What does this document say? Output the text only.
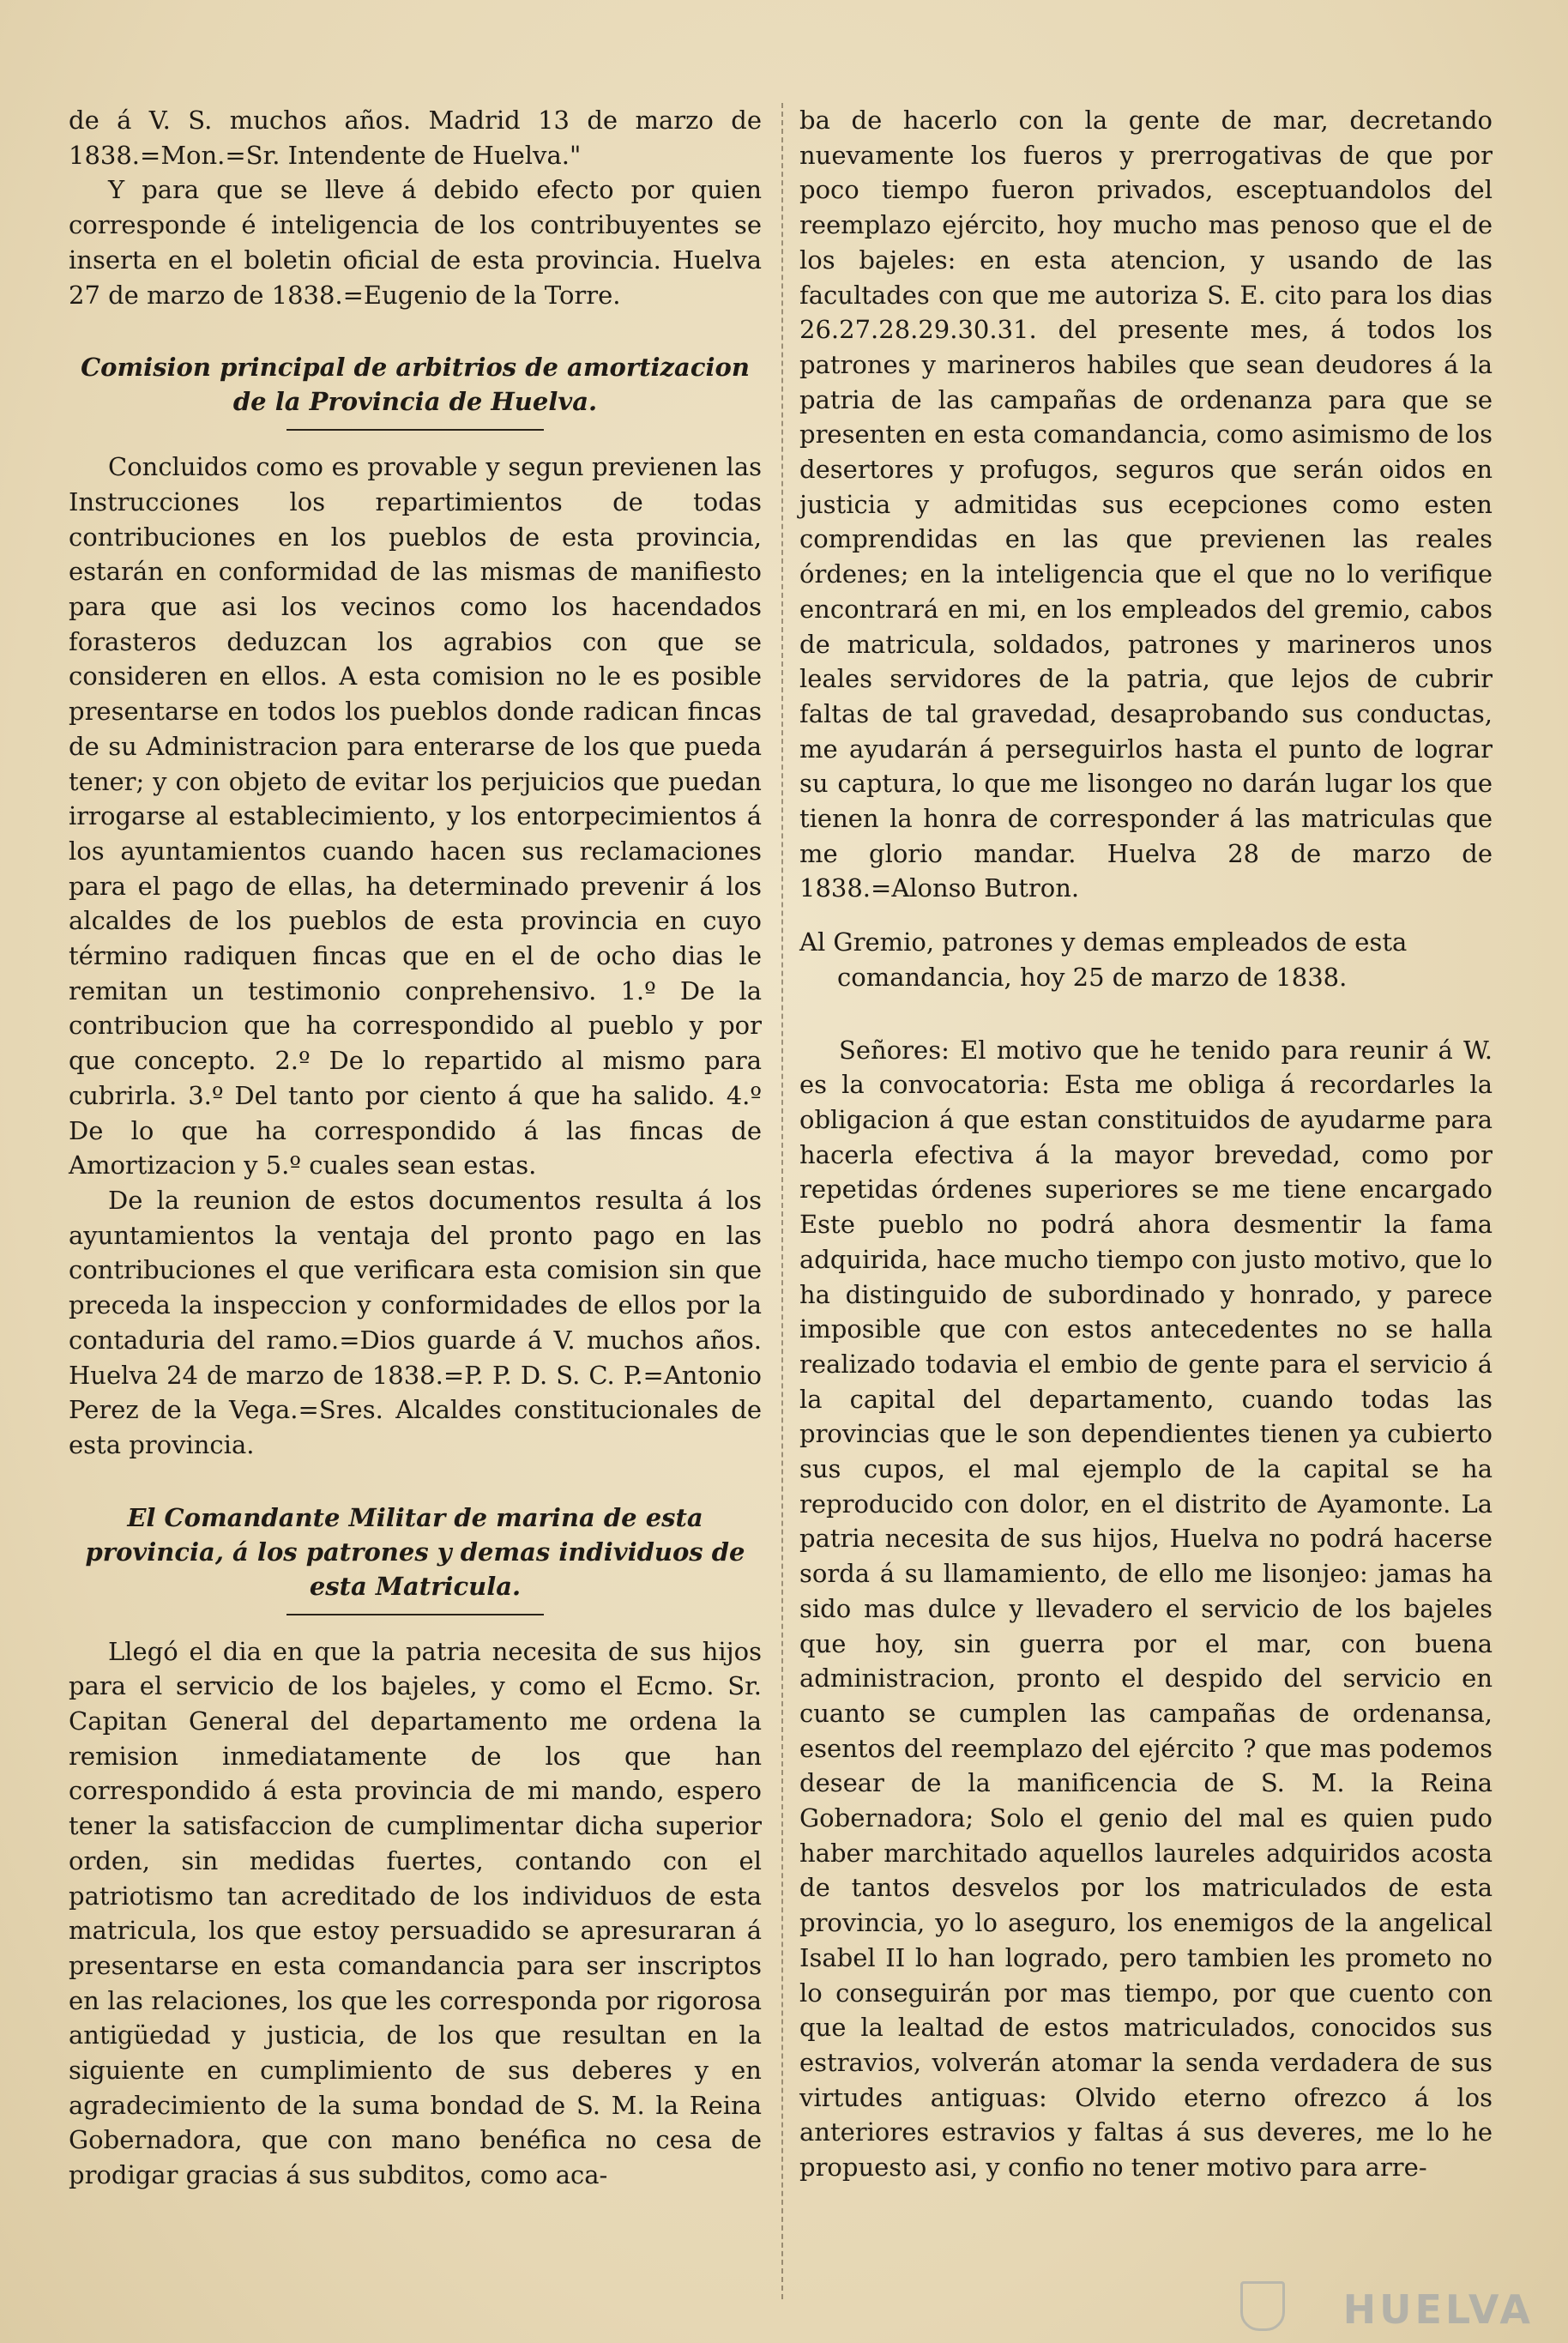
de á V. S. muchos años. Madrid 13 de marzo de 1838.=Mon.=Sr. Intendente de Huelva."

Y para que se lleve á debido efecto por quien corresponde é inteligencia de los contribuyentes se inserta en el boletin oficial de esta provincia. Huelva 27 de marzo de 1838.=Eugenio de la Torre.

Comision principal de arbitrios de amortizacion de la Provincia de Huelva.

Concluidos como es provable y segun previenen las Instrucciones los repartimientos de todas contribuciones en los pueblos de esta provincia, estarán en conformidad de las mismas de manifiesto para que asi los vecinos como los hacendados forasteros deduzcan los agrabios con que se consideren en ellos. A esta comision no le es posible presentarse en todos los pueblos donde radican fincas de su Administracion para enterarse de los que pueda tener; y con objeto de evitar los perjuicios que puedan irrogarse al establecimiento, y los entorpecimientos á los ayuntamientos cuando hacen sus reclamaciones para el pago de ellas, ha determinado prevenir á los alcaldes de los pueblos de esta provincia en cuyo término radiquen fincas que en el de ocho dias le remitan un testimonio conprehensivo. 1.º De la contribucion que ha correspondido al pueblo y por que concepto. 2.º De lo repartido al mismo para cubrirla. 3.º Del tanto por ciento á que ha salido. 4.º De lo que ha correspondido á las fincas de Amortizacion y 5.º cuales sean estas.

De la reunion de estos documentos resulta á los ayuntamientos la ventaja del pronto pago en las contribuciones el que verificara esta comision sin que preceda la inspeccion y conformidades de ellos por la contaduria del ramo.=Dios guarde á V. muchos años. Huelva 24 de marzo de 1838.=P. P. D. S. C. P.=Antonio Perez de la Vega.=Sres. Alcaldes constitucionales de esta provincia.

El Comandante Militar de marina de esta provincia, á los patrones y demas individuos de esta Matricula.

Llegó el dia en que la patria necesita de sus hijos para el servicio de los bajeles, y como el Ecmo. Sr. Capitan General del departamento me ordena la remision inmediatamente de los que han correspondido á esta provincia de mi mando, espero tener la satisfaccion de cumplimentar dicha superior orden, sin medidas fuertes, contando con el patriotismo tan acreditado de los individuos de esta matricula, los que estoy persuadido se apresuraran á presentarse en esta comandancia para ser inscriptos en las relaciones, los que les corresponda por rigorosa antigüedad y justicia, de los que resultan en la siguiente en cumplimiento de sus deberes y en agradecimiento de la suma bondad de S. M. la Reina Gobernadora, que con mano benéfica no cesa de prodigar gracias á sus subditos, como aca-

ba de hacerlo con la gente de mar, decretando nuevamente los fueros y prerrogativas de que por poco tiempo fueron privados, esceptuandolos del reemplazo ejército, hoy mucho mas penoso que el de los bajeles: en esta atencion, y usando de las facultades con que me autoriza S. E. cito para los dias 26.27.28.29.30.31. del presente mes, á todos los patrones y marineros habiles que sean deudores á la patria de las campañas de ordenanza para que se presenten en esta comandancia, como asimismo de los desertores y profugos, seguros que serán oidos en justicia y admitidas sus ecepciones como esten comprendidas en las que previenen las reales órdenes; en la inteligencia que el que no lo verifique encontrará en mi, en los empleados del gremio, cabos de matricula, soldados, patrones y marineros unos leales servidores de la patria, que lejos de cubrir faltas de tal gravedad, desaprobando sus conductas, me ayudarán á perseguirlos hasta el punto de lograr su captura, lo que me lisongeo no darán lugar los que tienen la honra de corresponder á las matriculas que me glorio mandar. Huelva 28 de marzo de 1838.=Alonso Butron.

Al Gremio, patrones y demas empleados de esta comandancia, hoy 25 de marzo de 1838.

Señores: El motivo que he tenido para reunir á W. es la convocatoria: Esta me obliga á recordarles la obligacion á que estan constituidos de ayudarme para hacerla efectiva á la mayor brevedad, como por repetidas órdenes superiores se me tiene encargado Este pueblo no podrá ahora desmentir la fama adquirida, hace mucho tiempo con justo motivo, que lo ha distinguido de subordinado y honrado, y parece imposible que con estos antecedentes no se halla realizado todavia el embio de gente para el servicio á la capital del departamento, cuando todas las provincias que le son dependientes tienen ya cubierto sus cupos, el mal ejemplo de la capital se ha reproducido con dolor, en el distrito de Ayamonte. La patria necesita de sus hijos, Huelva no podrá hacerse sorda á su llamamiento, de ello me lisonjeo: jamas ha sido mas dulce y llevadero el servicio de los bajeles que hoy, sin guerra por el mar, con buena administracion, pronto el despido del servicio en cuanto se cumplen las campañas de ordenansa, esentos del reemplazo del ejército ? que mas podemos desear de la manificencia de S. M. la Reina Gobernadora; Solo el genio del mal es quien pudo haber marchitado aquellos laureles adquiridos acosta de tantos desvelos por los matriculados de esta provincia, yo lo aseguro, los enemigos de la angelical Isabel II lo han logrado, pero tambien les prometo no lo conseguirán por mas tiempo, por que cuento con que la lealtad de estos matriculados, conocidos sus estravios, volverán atomar la senda verdadera de sus virtudes antiguas: Olvido eterno ofrezco á los anteriores estravios y faltas á sus deveres, me lo he propuesto asi, y confio no tener motivo para arre-

HUELVA
